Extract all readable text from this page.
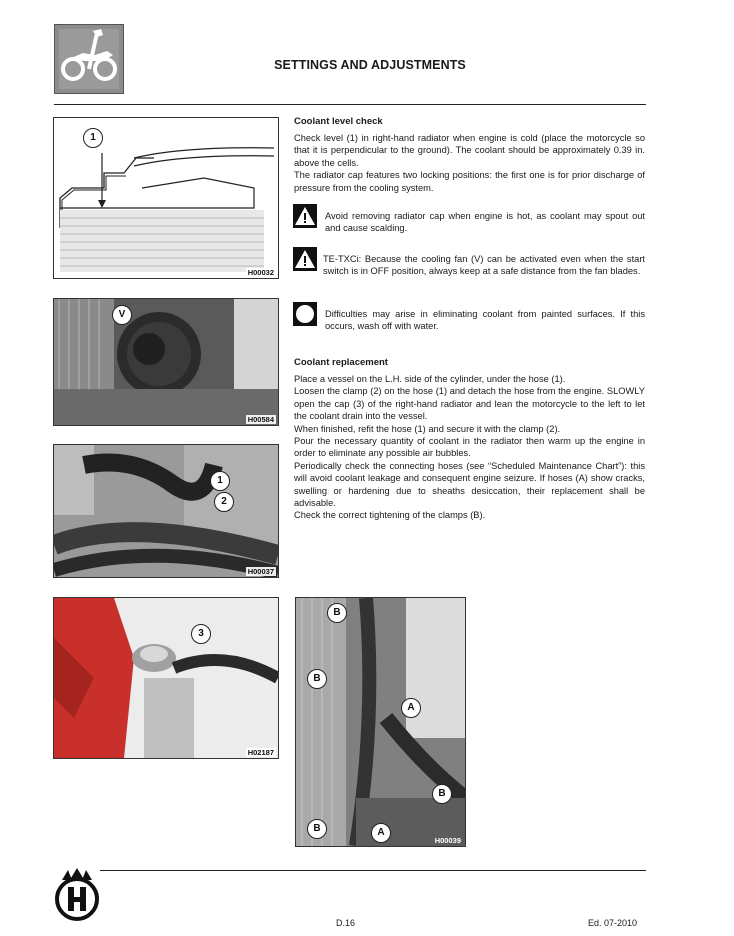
SETTINGS AND ADJUSTMENTS
1
H00032
V
H00584
1
2
H00037
3
H02187
B
B
A
B
B	A
H00039
Coolant level check
Check level (1) in right-hand radiator when engine is cold (place the motorcycle so that it is perpendicular to the ground). The coolant should be approximately 0.39 in. above the cells.
The radiator cap features two locking positions: the first one is for prior discharge of pressure from the cooling system.
Avoid removing radiator cap when engine is hot, as coolant may spout out and cause scalding.
TE-TXCi: Because the cooling fan (V) can be activated even when the start switch is in OFF position, always keep at a safe distance from the fan blades.
Difficulties may arise in eliminating coolant from painted surfaces. If this occurs, wash off with water.
Coolant replacement
Place a vessel on the L.H. side of the cylinder, under the hose (1).
Loosen the clamp (2) on the hose (1) and detach the hose from the engine. SLOWLY open the cap (3) of the right-hand radiator and lean the motorcycle to the left to let the coolant drain into the vessel.
When finished, refit the hose (1) and secure it with the clamp (2).
Pour the necessary quantity of coolant in the radiator then warm up the engine in order to eliminate any possible air bubbles.
Periodically check the connecting hoses (see “Scheduled Maintenance Chart”): this will avoid coolant leakage and consequent engine seizure. If hoses (A) show cracks, swelling or hardening due to sheaths desiccation, their replacement shall be advisable.
Check the correct tightening of the clamps (B).
D.16	Ed. 07-2010
